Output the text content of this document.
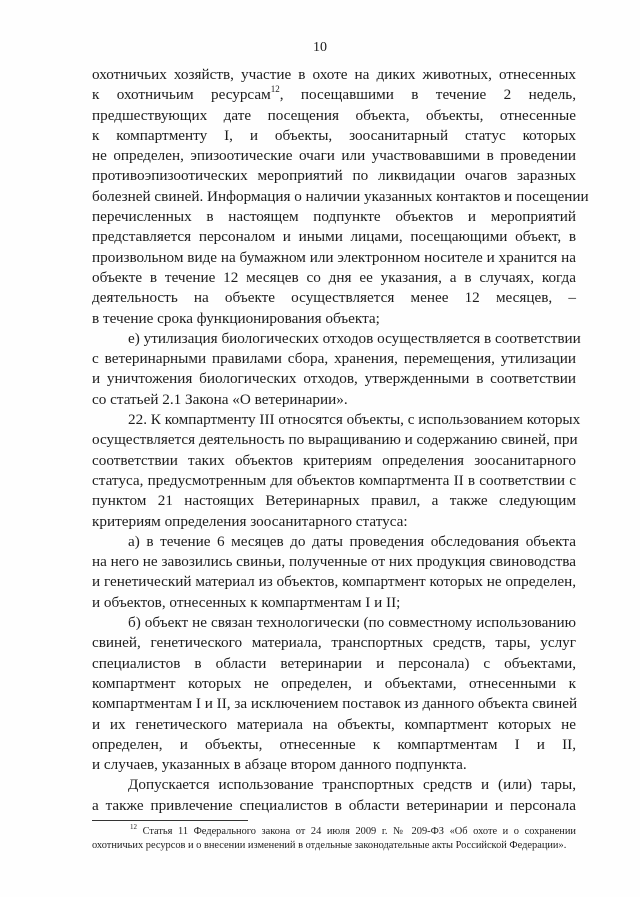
10
охотничьих хозяйств, участие в охоте на диких животных, отнесенных
к охотничьим ресурсам$^{12}$, посещавшими в течение 2 недель,
предшествующих дате посещения объекта, объекты, отнесенные
к компартменту I, и объекты, зоосанитарный статус которых
не определен, эпизоотические очаги или участвовавшими в проведении
противоэпизоотических мероприятий по ликвидации очагов заразных
болезней свиней. Информация о наличии указанных контактов и посещении
перечисленных в настоящем подпункте объектов и мероприятий
представляется персоналом и иными лицами, посещающими объект, в
произвольном виде на бумажном или электронном носителе и хранится на
объекте в течение 12 месяцев со дня ее указания, а в случаях, когда
деятельность на объекте осуществляется менее 12 месяцев, –
в течение срока функционирования объекта;
е) утилизация биологических отходов осуществляется в соответствии
с ветеринарными правилами сбора, хранения, перемещения, утилизации
и уничтожения биологических отходов, утвержденными в соответствии
со статьей 2.1 Закона «О ветеринарии».
22. К компартменту III относятся объекты, с использованием которых
осуществляется деятельность по выращиванию и содержанию свиней, при
соответствии таких объектов критериям определения зоосанитарного
статуса, предусмотренным для объектов компартмента II в соответствии с
пунктом 21 настоящих Ветеринарных правил, а также следующим
критериям определения зоосанитарного статуса:
а) в течение 6 месяцев до даты проведения обследования объекта
на него не завозились свиньи, полученные от них продукция свиноводства
и генетический материал из объектов, компартмент которых не определен,
и объектов, отнесенных к компартментам I и II;
б) объект не связан технологически (по совместному использованию
свиней, генетического материала, транспортных средств, тары, услуг
специалистов в области ветеринарии и персонала) с объектами,
компартмент которых не определен, и объектами, отнесенными к
компартментам I и II, за исключением поставок из данного объекта свиней
и их генетического материала на объекты, компартмент которых не
определен, и объекты, отнесенные к компартментам I и II,
и случаев, указанных в абзаце втором данного подпункта.
Допускается использование транспортных средств и (или) тары,
а также привлечение специалистов в области ветеринарии и персонала
$^{12}$ Статья 11 Федерального закона от 24 июля 2009 г. № 209-ФЗ «Об охоте и о сохранении
охотничьих ресурсов и о внесении изменений в отдельные законодательные акты Российской Федерации».
